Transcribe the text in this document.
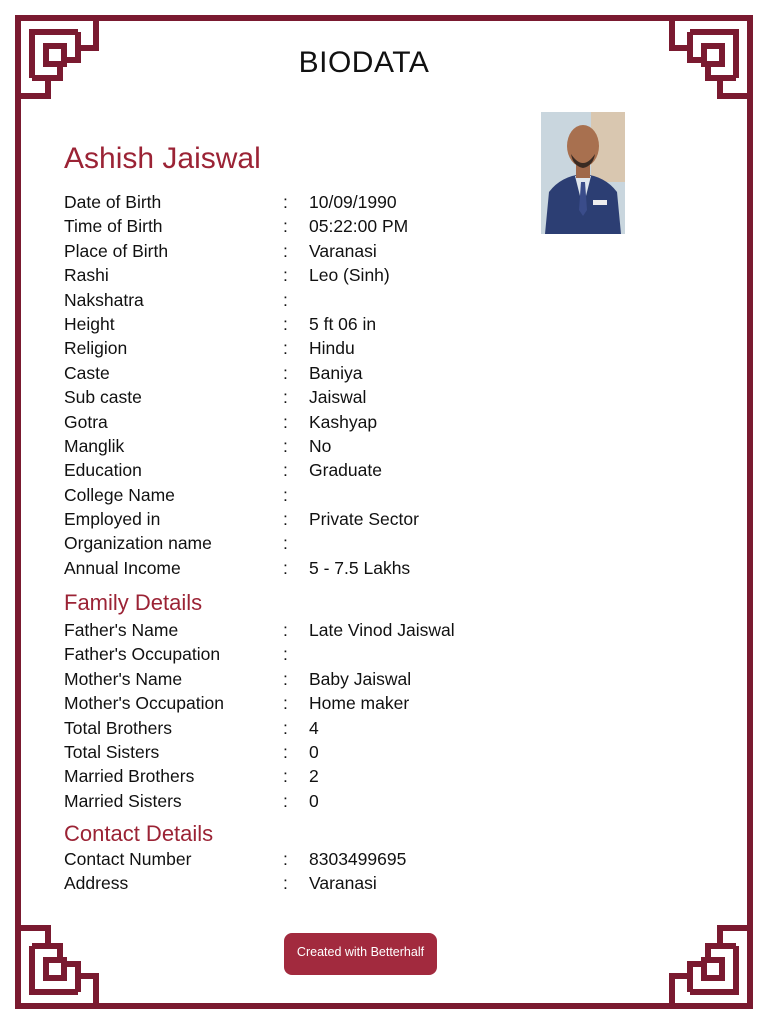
BIODATA
Ashish Jaiswal
Date of Birth	: 10/09/1990
Time of Birth	: 05:22:00 PM
Place of Birth	: Varanasi
Rashi	: Leo (Sinh)
Nakshatra	:
Height	: 5 ft 06 in
Religion	: Hindu
Caste	: Baniya
Sub caste	: Jaiswal
Gotra	: Kashyap
Manglik	: No
Education	: Graduate
College Name	:
Employed in	: Private Sector
Organization name	:
Annual Income	: 5 - 7.5 Lakhs
Family Details
Father's Name	: Late Vinod Jaiswal
Father's Occupation	:
Mother's Name	: Baby Jaiswal
Mother's Occupation	: Home maker
Total Brothers	: 4
Total Sisters	: 0
Married Brothers	: 2
Married Sisters	: 0
Contact Details
Contact Number	: 8303499695
Address	: Varanasi
Created with Betterhalf
